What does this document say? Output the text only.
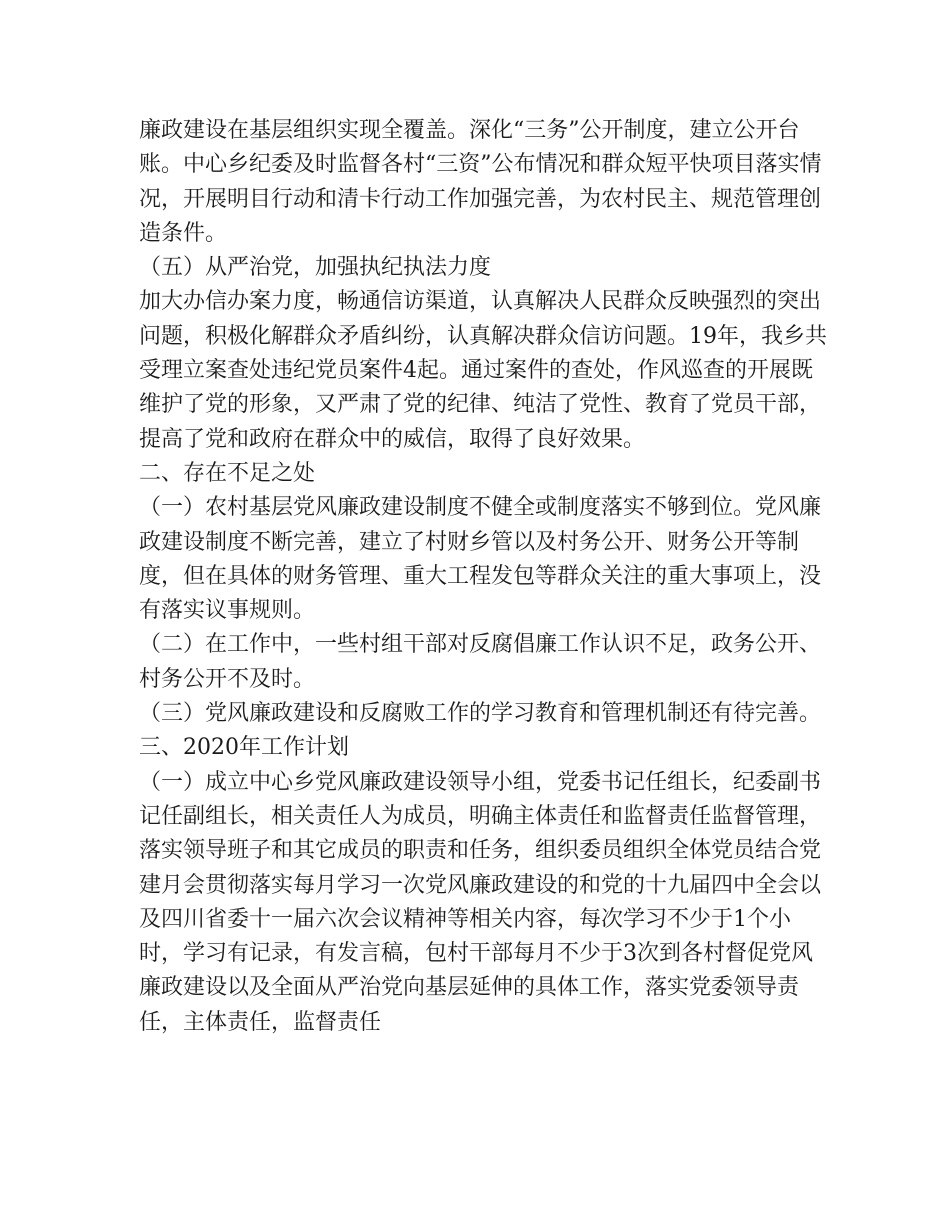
廉政建设在基层组织实现全覆盖。深化“三务”公开制度，建立公开台账。中心乡纪委及时监督各村“三资”公布情况和群众短平快项目落实情况，开展明目行动和清卡行动工作加强完善，为农村民主、规范管理创造条件。

（五）从严治党，加强执纪执法力度

加大办信办案力度，畅通信访渠道，认真解决人民群众反映强烈的突出问题，积极化解群众矛盾纠纷，认真解决群众信访问题。19年，我乡共受理立案查处违纪党员案件4起。通过案件的查处，作风巡查的开展既维护了党的形象，又严肃了党的纪律、纯洁了党性、教育了党员干部，提高了党和政府在群众中的威信，取得了良好效果。

二、存在不足之处

（一）农村基层党风廉政建设制度不健全或制度落实不够到位。党风廉政建设制度不断完善，建立了村财乡管以及村务公开、财务公开等制度，但在具体的财务管理、重大工程发包等群众关注的重大事项上，没有落实议事规则。

（二）在工作中，一些村组干部对反腐倡廉工作认识不足，政务公开、村务公开不及时。

（三）党风廉政建设和反腐败工作的学习教育和管理机制还有待完善。

三、2020年工作计划

（一）成立中心乡党风廉政建设领导小组，党委书记任组长，纪委副书记任副组长，相关责任人为成员，明确主体责任和监督责任监督管理，落实领导班子和其它成员的职责和任务，组织委员组织全体党员结合党建月会贯彻落实每月学习一次党风廉政建设的和党的十九届四中全会以及四川省委十一届六次会议精神等相关内容，每次学习不少于1个小时，学习有记录，有发言稿，包村干部每月不少于3次到各村督促党风廉政建设以及全面从严治党向基层延伸的具体工作，落实党委领导责任，主体责任，监督责任
